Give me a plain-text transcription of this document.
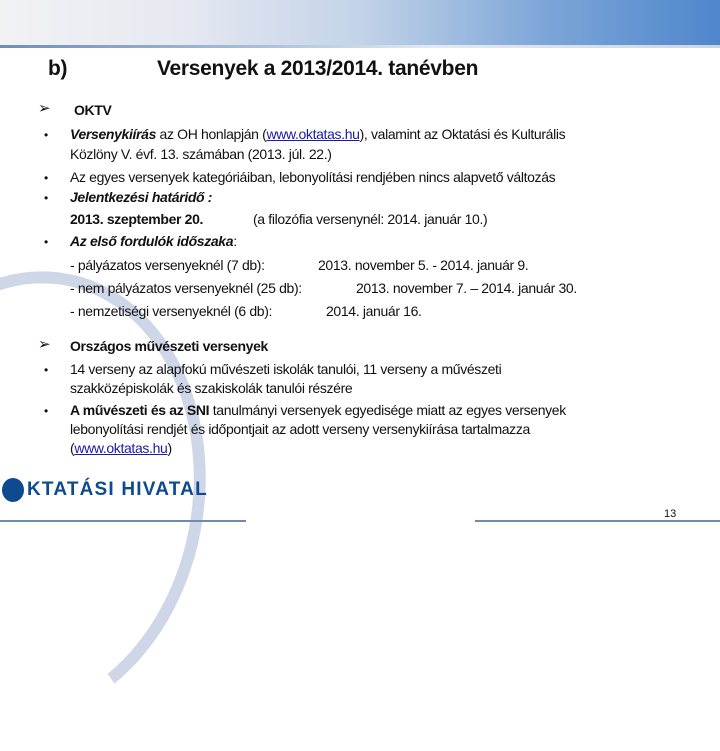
b)	Versenyek a 2013/2014. tanévben
➢ OKTV
• Versenykiírás az OH honlapján (www.oktatas.hu), valamint az Oktatási és Kulturális
Közlöny V. évf. 13. számában (2013. júl. 22.)
• Az egyes versenyek kategóriáiban, lebonyolítási rendjében nincs alapvető változás
• Jelentkezési határidő :
2013. szeptember 20.	(a filozófia versenynél: 2014. január 10.)
• Az első fordulók időszaka:
- pályázatos versenyeknél (7 db):	2013. november 5. - 2014. január 9.
- nem pályázatos versenyeknél (25 db):	2013. november 7. – 2014. január 30.
- nemzetiségi versenyeknél (6 db):	2014. január 16.
➢ Országos művészeti versenyek
• 14 verseny az alapfokú művészeti iskolák tanulói, 11 verseny a művészeti
szakközépiskolák és szakiskolák tanulói részére
• A művészeti és az SNI tanulmányi versenyek egyedisége miatt az egyes versenyek
lebonyolítási rendjét és időpontjait az adott verseny versenykiírása tartalmazza
(www.oktatas.hu)
KTATÁSI HIVATAL
13
